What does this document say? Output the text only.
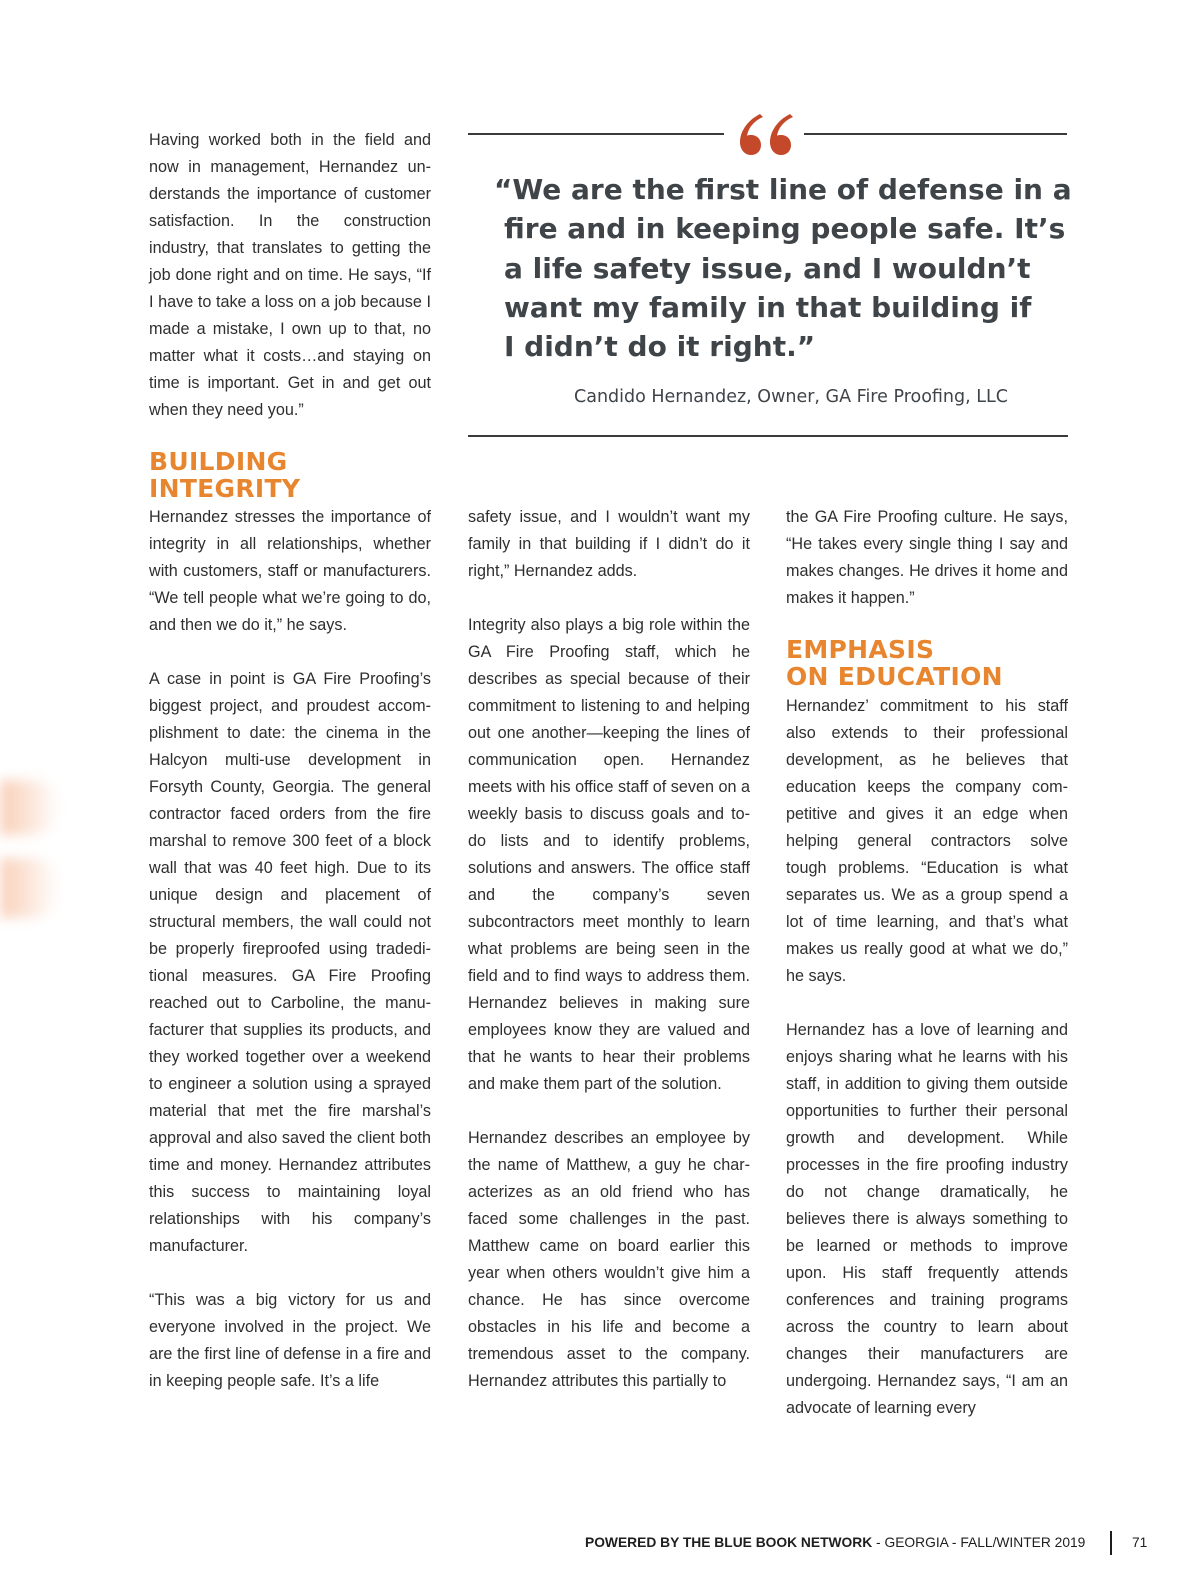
Having worked both in the field and now in management, Hernandez understands the importance of customer satisfaction. In the construction industry, that translates to getting the job done right and on time. He says, “If I have to take a loss on a job because I made a mistake, I own up to that, no matter what it costs…and staying on time is important. Get in and get out when they need you.”

BUILDING
INTEGRITY

Hernandez stresses the importance of integrity in all relationships, whether with customers, staff or manufacturers. “We tell people what we’re going to do, and then we do it,” he says.

A case in point is GA Fire Proofing’s biggest project, and proudest accomplishment to date: the cinema in the Halcyon multi-use development in Forsyth County, Georgia. The general contractor faced orders from the fire marshal to remove 300 feet of a block wall that was 40 feet high. Due to its unique design and placement of structural members, the wall could not be properly fireproofed using tradeditional measures. GA Fire Proofing reached out to Carboline, the manufacturer that supplies its products, and they worked together over a weekend to engineer a solution using a sprayed material that met the fire marshal’s approval and also saved the client both time and money. Hernandez attributes this success to maintaining loyal relationships with his company’s manufacturer.

“This was a big victory for us and everyone involved in the project. We are the first line of defense in a fire and in keeping people safe. It’s a life

safety issue, and I wouldn’t want my family in that building if I didn’t do it right,” Hernandez adds.

Integrity also plays a big role within the GA Fire Proofing staff, which he describes as special because of their commitment to listening to and helping out one another—keeping the lines of communication open. Hernandez meets with his office staff of seven on a weekly basis to discuss goals and to-do lists and to identify problems, solutions and answers. The office staff and the company’s seven subcontractors meet monthly to learn what problems are being seen in the field and to find ways to address them. Hernandez believes in making sure employees know they are valued and that he wants to hear their problems and make them part of the solution.

Hernandez describes an employee by the name of Matthew, a guy he characterizes as an old friend who has faced some challenges in the past. Matthew came on board earlier this year when others wouldn’t give him a chance. He has since overcome obstacles in his life and become a tremendous asset to the company. Hernandez attributes this partially to

the GA Fire Proofing culture. He says, “He takes every single thing I say and makes changes. He drives it home and makes it happen.”

EMPHASIS
ON EDUCATION

Hernandez’ commitment to his staff also extends to their professional development, as he believes that education keeps the company competitive and gives it an edge when helping general contractors solve tough problems. “Education is what separates us. We as a group spend a lot of time learning, and that’s what makes us really good at what we do,” he says.

Hernandez has a love of learning and enjoys sharing what he learns with his staff, in addition to giving them outside opportunities to further their personal growth and development. While processes in the fire proofing industry do not change dramatically, he believes there is always something to be learned or methods to improve upon. His staff frequently attends conferences and training programs across the country to learn about changes their manufacturers are undergoing. Hernandez says, “I am an advocate of learning every

“We are the first line of defense in a
fire and in keeping people safe. It’s
a life safety issue, and I wouldn’t
want my family in that building if
I didn’t do it right.”
Candido Hernandez, Owner, GA Fire Proofing, LLC
POWERED BY THE BLUE BOOK NETWORK - GEORGIA - FALL/WINTER 2019	71
